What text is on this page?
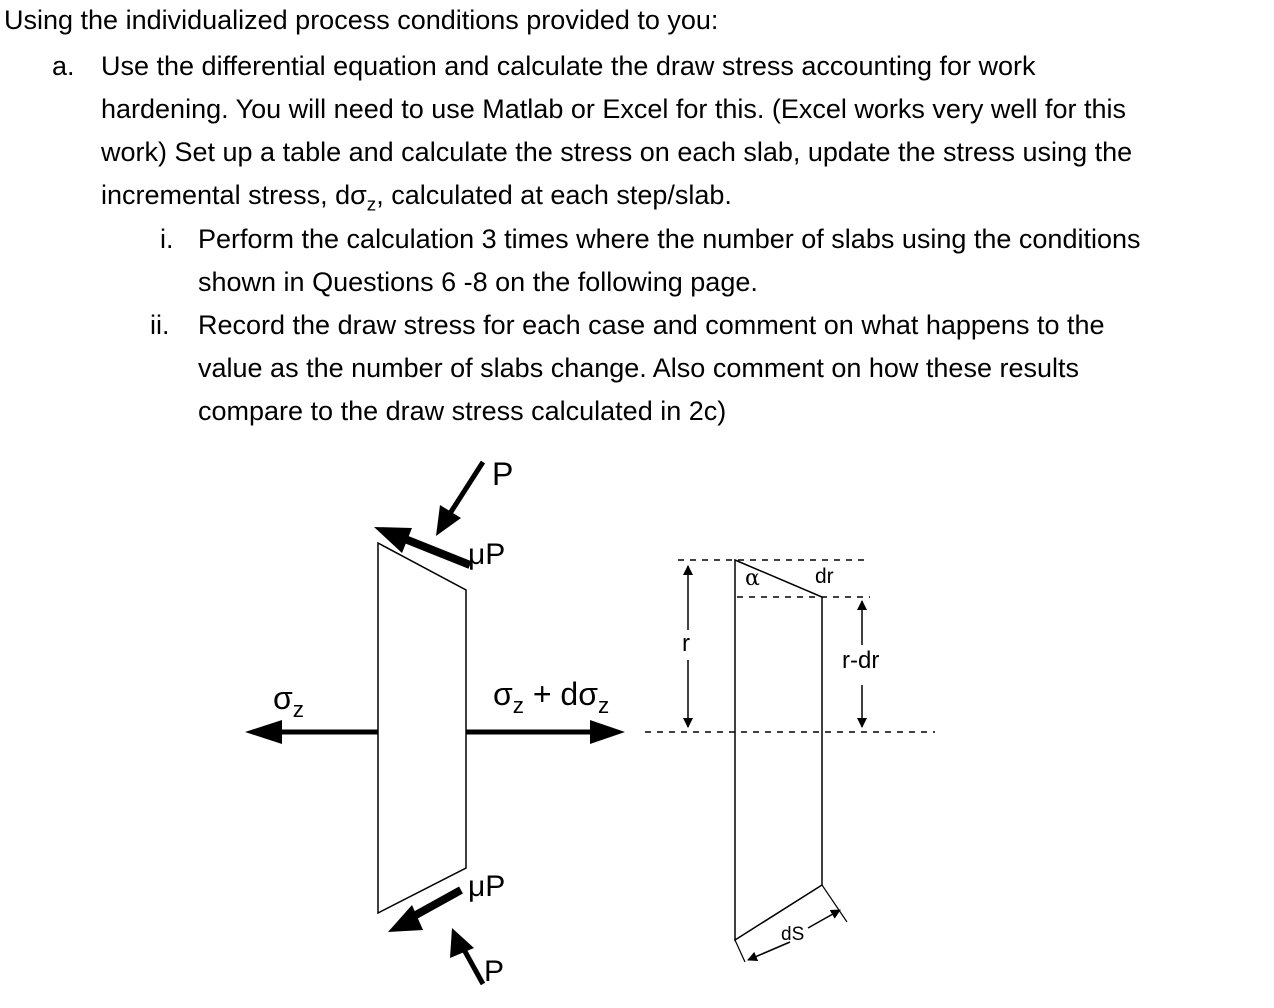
Using the individualized process conditions provided to you:
a. Use the differential equation and calculate the draw stress accounting for work
hardening. You will need to use Matlab or Excel for this. (Excel works very well for this
work) Set up a table and calculate the stress on each slab, update the stress using the
incremental stress, $d\sigma_z$, calculated at each step/slab.
i. Perform the calculation 3 times where the number of slabs using the conditions
shown in Questions 6 -8 on the following page.
ii. Record the draw stress for each case and comment on what happens to the
value as the number of slabs change. Also comment on how these results
compare to the draw stress calculated in 2c)
P
μP
μP
P
$\sigma_z$	$\sigma_z + d\sigma_z$
α	dr
r
r-dr
dS
